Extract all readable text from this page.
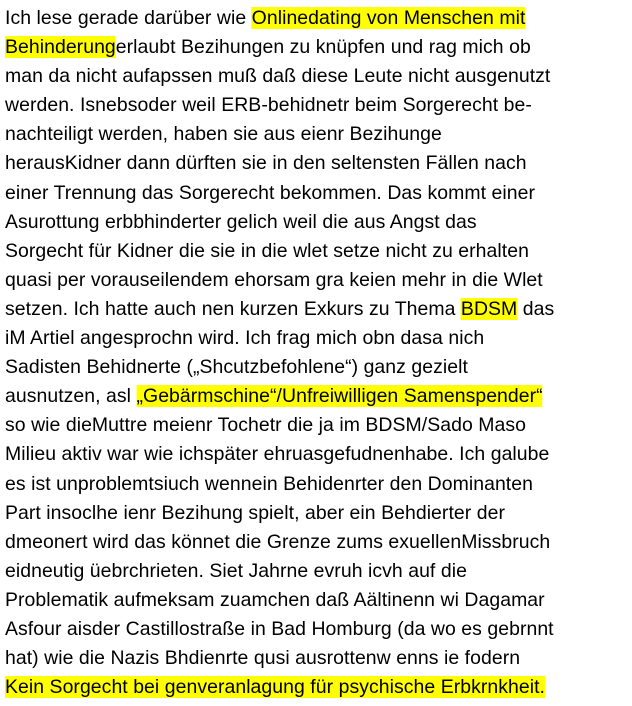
Ich lese gerade darüber wie Onlinedating von Menschen mit
Behinderungerlaubt Bezihungen zu knüpfen und rag mich ob
man da nicht aufapssen muß daß diese Leute nicht ausgenutzt
werden. Isnebsoder weil ERB-behidnetr beim Sorgerecht be-
nachteiligt werden, haben sie aus eienr Bezihunge
herausKidner dann dürften sie in den seltensten Fällen nach
einer Trennung das Sorgerecht bekommen. Das kommt einer
Asurottung erbbhinderter gelich weil die aus Angst das
Sorgecht für Kidner die sie in die wlet setze nicht zu erhalten
quasi per vorauseilendem ehorsam gra keien mehr in die Wlet
setzen. Ich hatte auch nen kurzen Exkurs zu Thema BDSM das
iM Artiel angesprochn wird. Ich frag mich obn dasa nich
Sadisten Behidnerte („Shcutzbefohlene“) ganz gezielt
ausnutzen, asl „Gebärmschine“/Unfreiwilligen Samenspender“
so wie dieMuttre meienr Tochetr die ja im BDSM/Sado Maso
Milieu aktiv war wie ichspäter ehruasgefudnenhabe. Ich galube
es ist unproblemtsiuch wennein Behidenrter den Dominanten
Part insoclhe ienr Bezihung spielt, aber ein Behdierter der
dmeonert wird das könnet die Grenze zums exuellenMissbruch
eidneutig üebrchrieten. Siet Jahrne evruh icvh auf die
Problematik aufmeksam zuamchen daß Aältinenn wi Dagamar
Asfour aisder Castillostraße in Bad Homburg (da wo es gebrnnt
hat) wie die Nazis Bhdienrte qusi ausrottenw enns ie fodern
Kein Sorgecht bei genveranlagung für psychische Erbkrnkheit.
